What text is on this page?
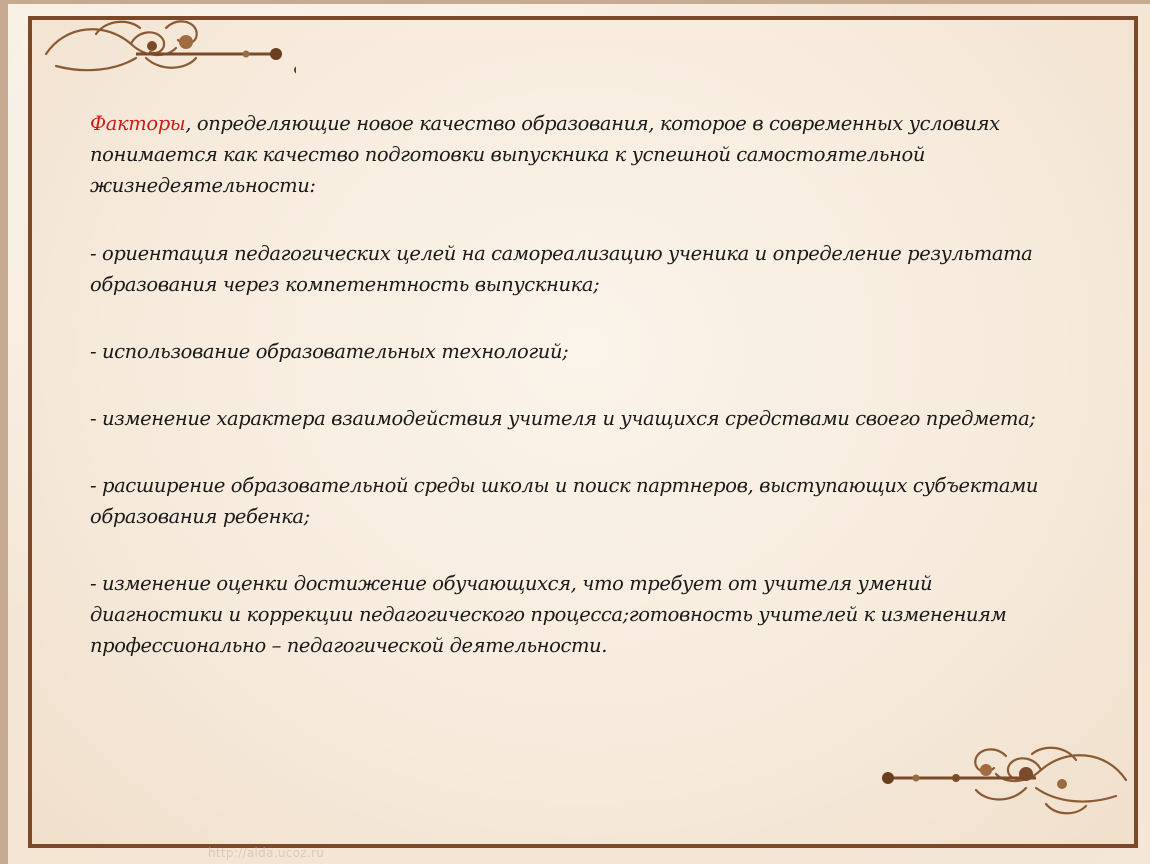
Факторы, определяющие новое качество образования, которое в современных условиях понимается как качество подготовки выпускника к успешной самостоятельной жизнедеятельности:

- ориентация педагогических целей на самореализацию ученика и определение результата образования через компетентность выпускника;

- использование образовательных технологий;

- изменение характера взаимодействия учителя и учащихся средствами своего предмета;

- расширение образовательной среды школы и поиск партнеров, выступающих субъектами образования ребенка;

- изменение оценки достижение обучающихся, что требует от учителя умений диагностики и коррекции педагогического процесса;готовность учителей к изменениям профессионально – педагогической деятельности.

http://aida.ucoz.ru
